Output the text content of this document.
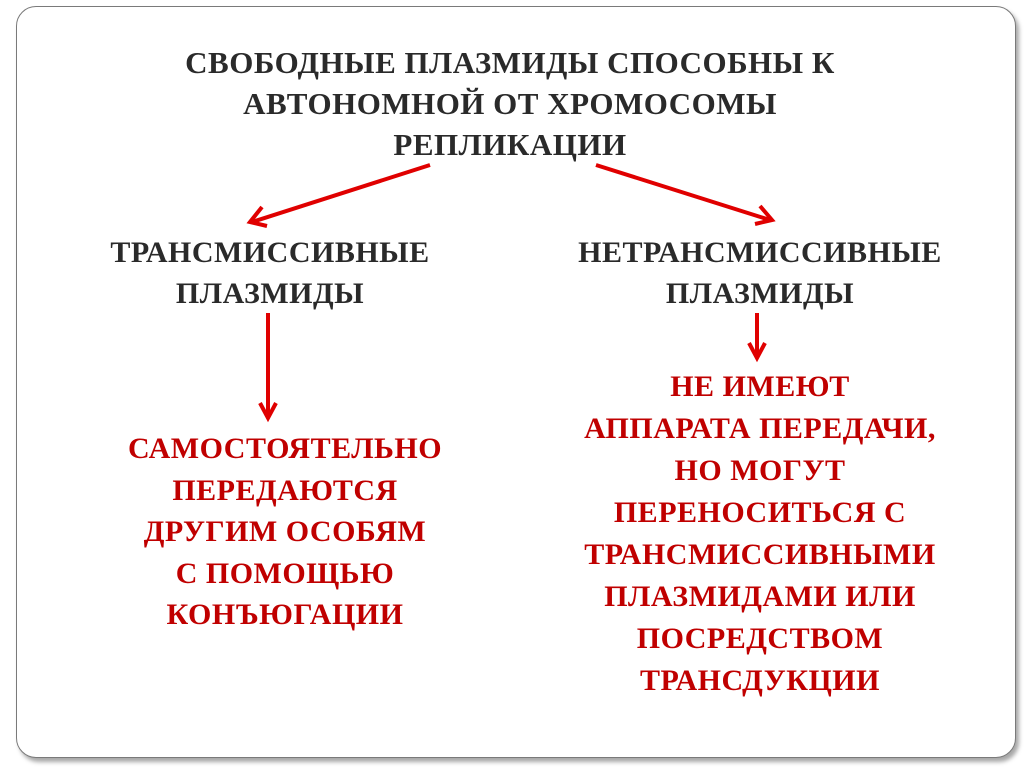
СВОБОДНЫЕ ПЛАЗМИДЫ СПОСОБНЫ К
АВТОНОМНОЙ ОТ ХРОМОСОМЫ
РЕПЛИКАЦИИ

ТРАНСМИССИВНЫЕ
ПЛАЗМИДЫ

НЕТРАНСМИССИВНЫЕ
ПЛАЗМИДЫ

САМОСТОЯТЕЛЬНО
ПЕРЕДАЮТСЯ
ДРУГИМ ОСОБЯМ
С ПОМОЩЬЮ
КОНЪЮГАЦИИ

НЕ ИМЕЮТ
АППАРАТА ПЕРЕДАЧИ,
НО МОГУТ
ПЕРЕНОСИТЬСЯ С
ТРАНСМИССИВНЫМИ
ПЛАЗМИДАМИ ИЛИ
ПОСРЕДСТВОМ
ТРАНСДУКЦИИ
